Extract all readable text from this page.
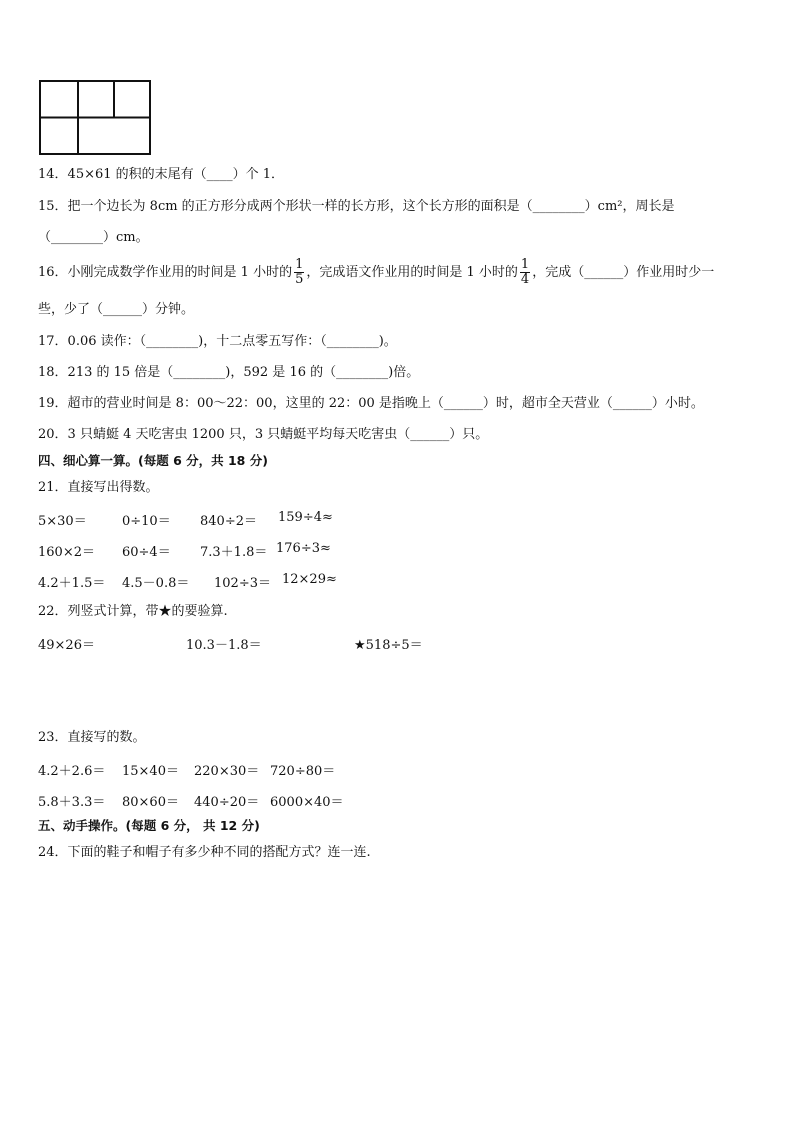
14．45×61 的积的末尾有（____）个 1．
15．把一个边长为 8cm 的正方形分成两个形状一样的长方形，这个长方形的面积是（________）cm²，周长是
（________）cm。
16．小刚完成数学作业用的时间是 1 小时的 $\frac{1}{5}$ ，完成语文作业用的时间是 1 小时的 $\frac{1}{4}$ ，完成（______）作业用时少一
些，少了（______）分钟。
17．0.06 读作：（________)，十二点零五写作：（________)。
18．213 的 15 倍是（________)，592 是 16 的（________)倍。
19．超市的营业时间是 8：00～22：00，这里的 22：00 是指晚上（______）时，超市全天营业（______）小时。
20．3 只蜻蜓 4 天吃害虫 1200 只，3 只蜻蜓平均每天吃害虫（______）只。
四、细心算一算。(每题 6 分，共 18 分)
21．直接写出得数。
5×30＝	0÷10＝ 840÷2＝ 159÷4≈
160×2＝ 60÷4＝ 7.3＋1.8＝ 176÷3≈
4.2＋1.5＝ 4.5－0.8＝ 102÷3＝ 12×29≈
22．列竖式计算，带★的要验算.
49×26＝	10.3－1.8＝	★518÷5＝
23．直接写的数。
4.2＋2.6＝ 15×40＝ 220×30＝ 720÷80＝
5.8＋3.3＝ 80×60＝ 440÷20＝ 6000×40＝
五、动手操作。(每题 6 分， 共 12 分)
24．下面的鞋子和帽子有多少种不同的搭配方式？连一连.
